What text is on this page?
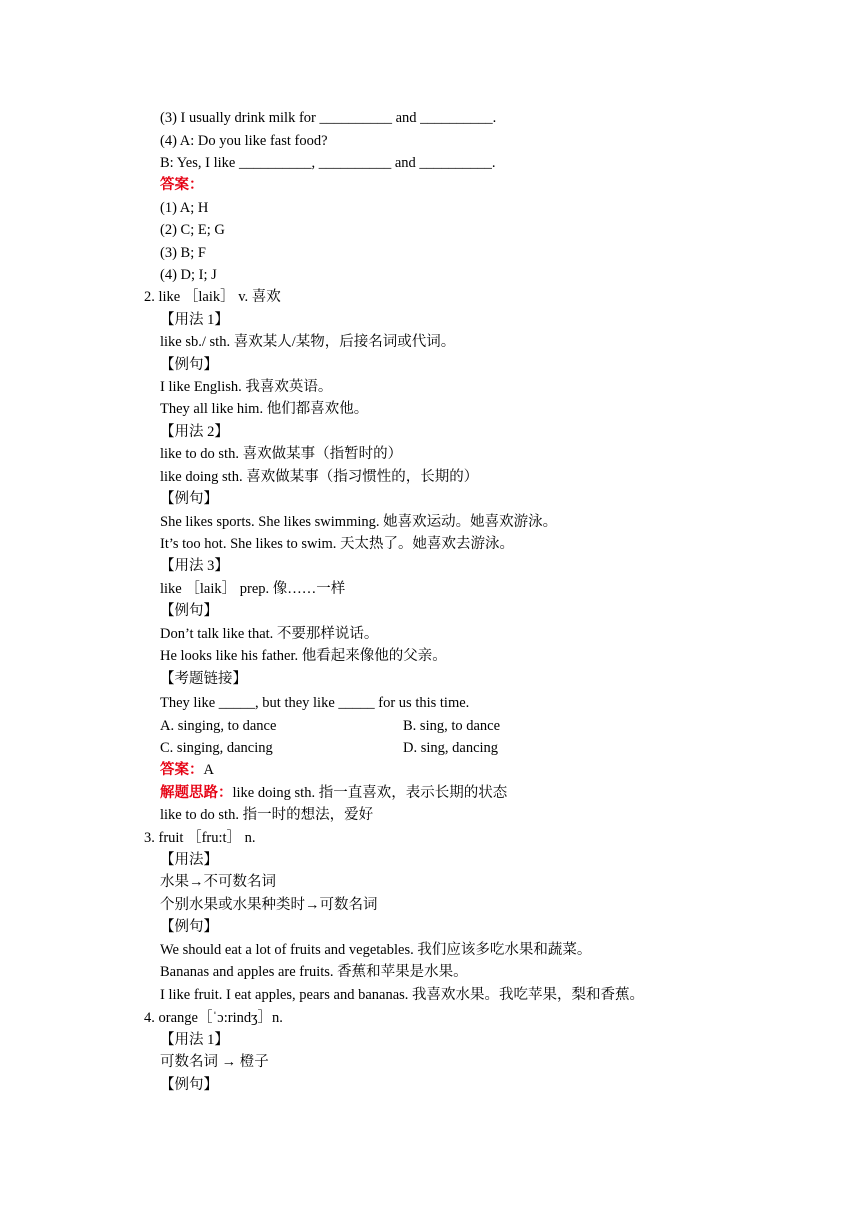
(3) I usually drink milk for __________ and __________.
(4) A: Do you like fast food?
B: Yes, I like __________, __________ and __________.
答案：
(1) A; H
(2) C; E; G
(3) B; F
(4) D; I; J
2. like ［laik］ v. 喜欢
【用法 1】
like sb./ sth. 喜欢某人/某物，后接名词或代词。
【例句】
I like English. 我喜欢英语。
They all like him. 他们都喜欢他。
【用法 2】
like to do sth. 喜欢做某事（指暂时的）
like doing sth. 喜欢做某事（指习惯性的，长期的）
【例句】
She likes sports. She likes swimming. 她喜欢运动。她喜欢游泳。
It’s too hot. She likes to swim. 天太热了。她喜欢去游泳。
【用法 3】
like ［laik］ prep. 像……一样
【例句】
Don’t talk like that. 不要那样说话。
He looks like his father. 他看起来像他的父亲。
【考题链接】
They like _____, but they like _____ for us this time.
A. singing, to dance	B. sing, to dance
C. singing, dancing	D. sing, dancing
答案：A
解题思路：like doing sth. 指一直喜欢，表示长期的状态
like to do sth. 指一时的想法，爱好
3. fruit ［fru:t］ n.
【用法】
水果→不可数名词
个别水果或水果种类时→可数名词
【例句】
We should eat a lot of fruits and vegetables. 我们应该多吃水果和蔬菜。
Bananas and apples are fruits. 香蕉和苹果是水果。
I like fruit. I eat apples, pears and bananas. 我喜欢水果。我吃苹果，梨和香蕉。
4. orange［ˈɔ:rindʒ］n.
【用法 1】
可数名词 → 橙子
【例句】
